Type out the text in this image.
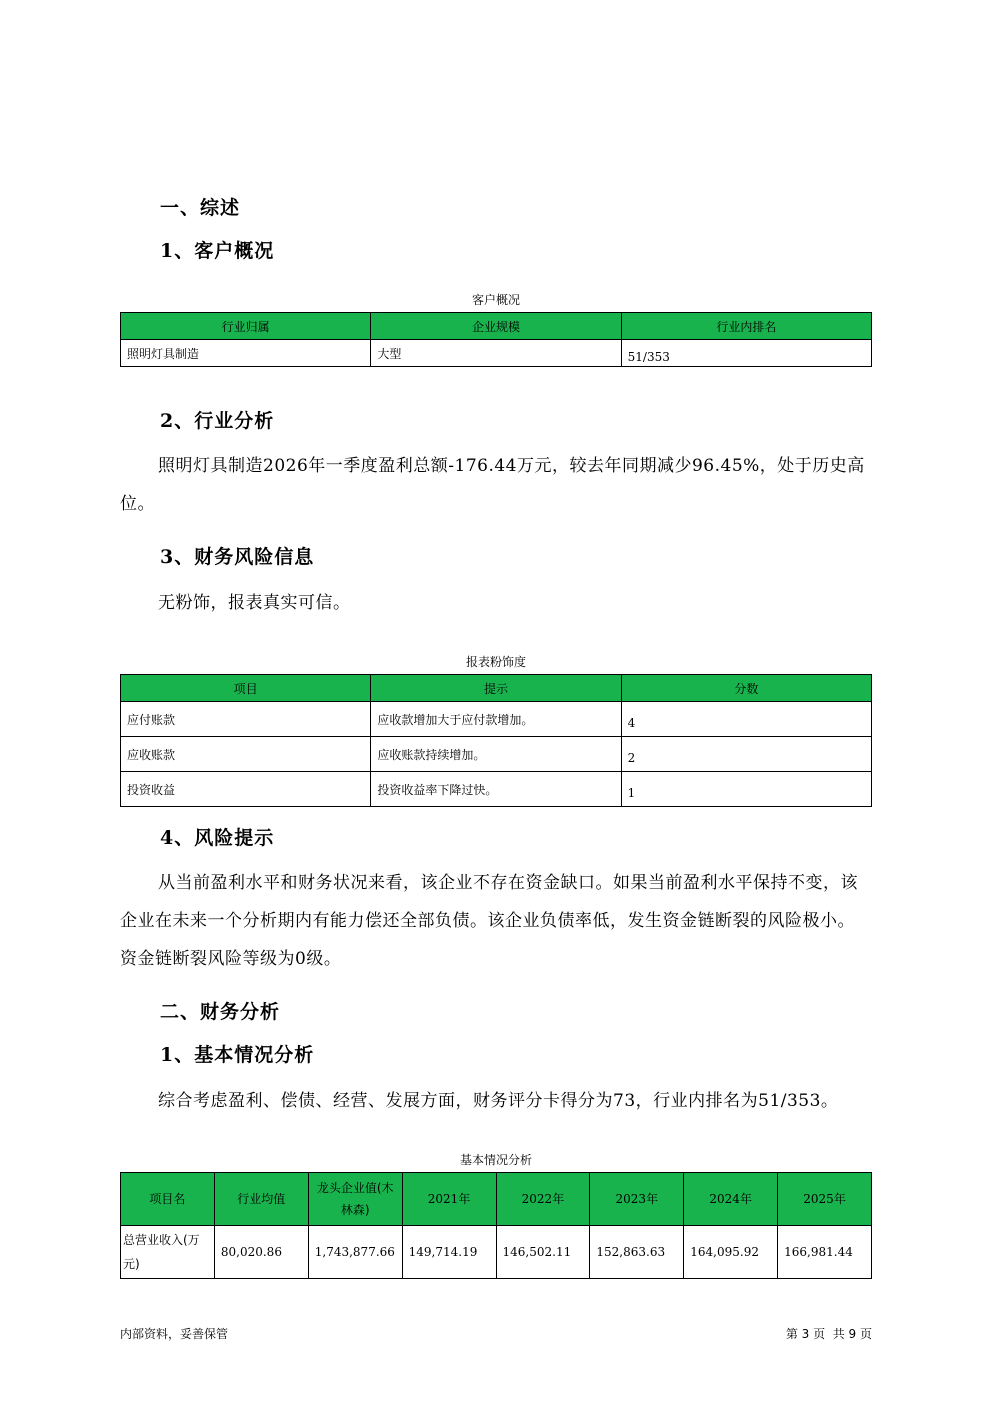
一、综述
1、客户概况
客户概况
行业归属	企业规模	行业内排名
照明灯具制造	大型	51/353
2、行业分析
照明灯具制造2026年一季度盈利总额-176.44万元，较去年同期减少96.45%，处于历史高位。
3、财务风险信息
无粉饰，报表真实可信。
报表粉饰度
项目	提示	分数
应付账款	应收款增加大于应付款增加。	4
应收账款	应收账款持续增加。	2
投资收益	投资收益率下降过快。	1
4、风险提示
从当前盈利水平和财务状况来看，该企业不存在资金缺口。如果当前盈利水平保持不变，该企业在未来一个分析期内有能力偿还全部负债。该企业负债率低，发生资金链断裂的风险极小。资金链断裂风险等级为0级。
二、财务分析
1、基本情况分析
综合考虑盈利、偿债、经营、发展方面，财务评分卡得分为73，行业内排名为51/353。
基本情况分析
项目名	行业均值	龙头企业值(木林森)	2021年	2022年	2023年	2024年	2025年
总营业收入(万元)	80,020.86	1,743,877.66	149,714.19	146,502.11	152,863.63	164,095.92	166,981.44
内部资料，妥善保管	第 3 页  共 9 页
